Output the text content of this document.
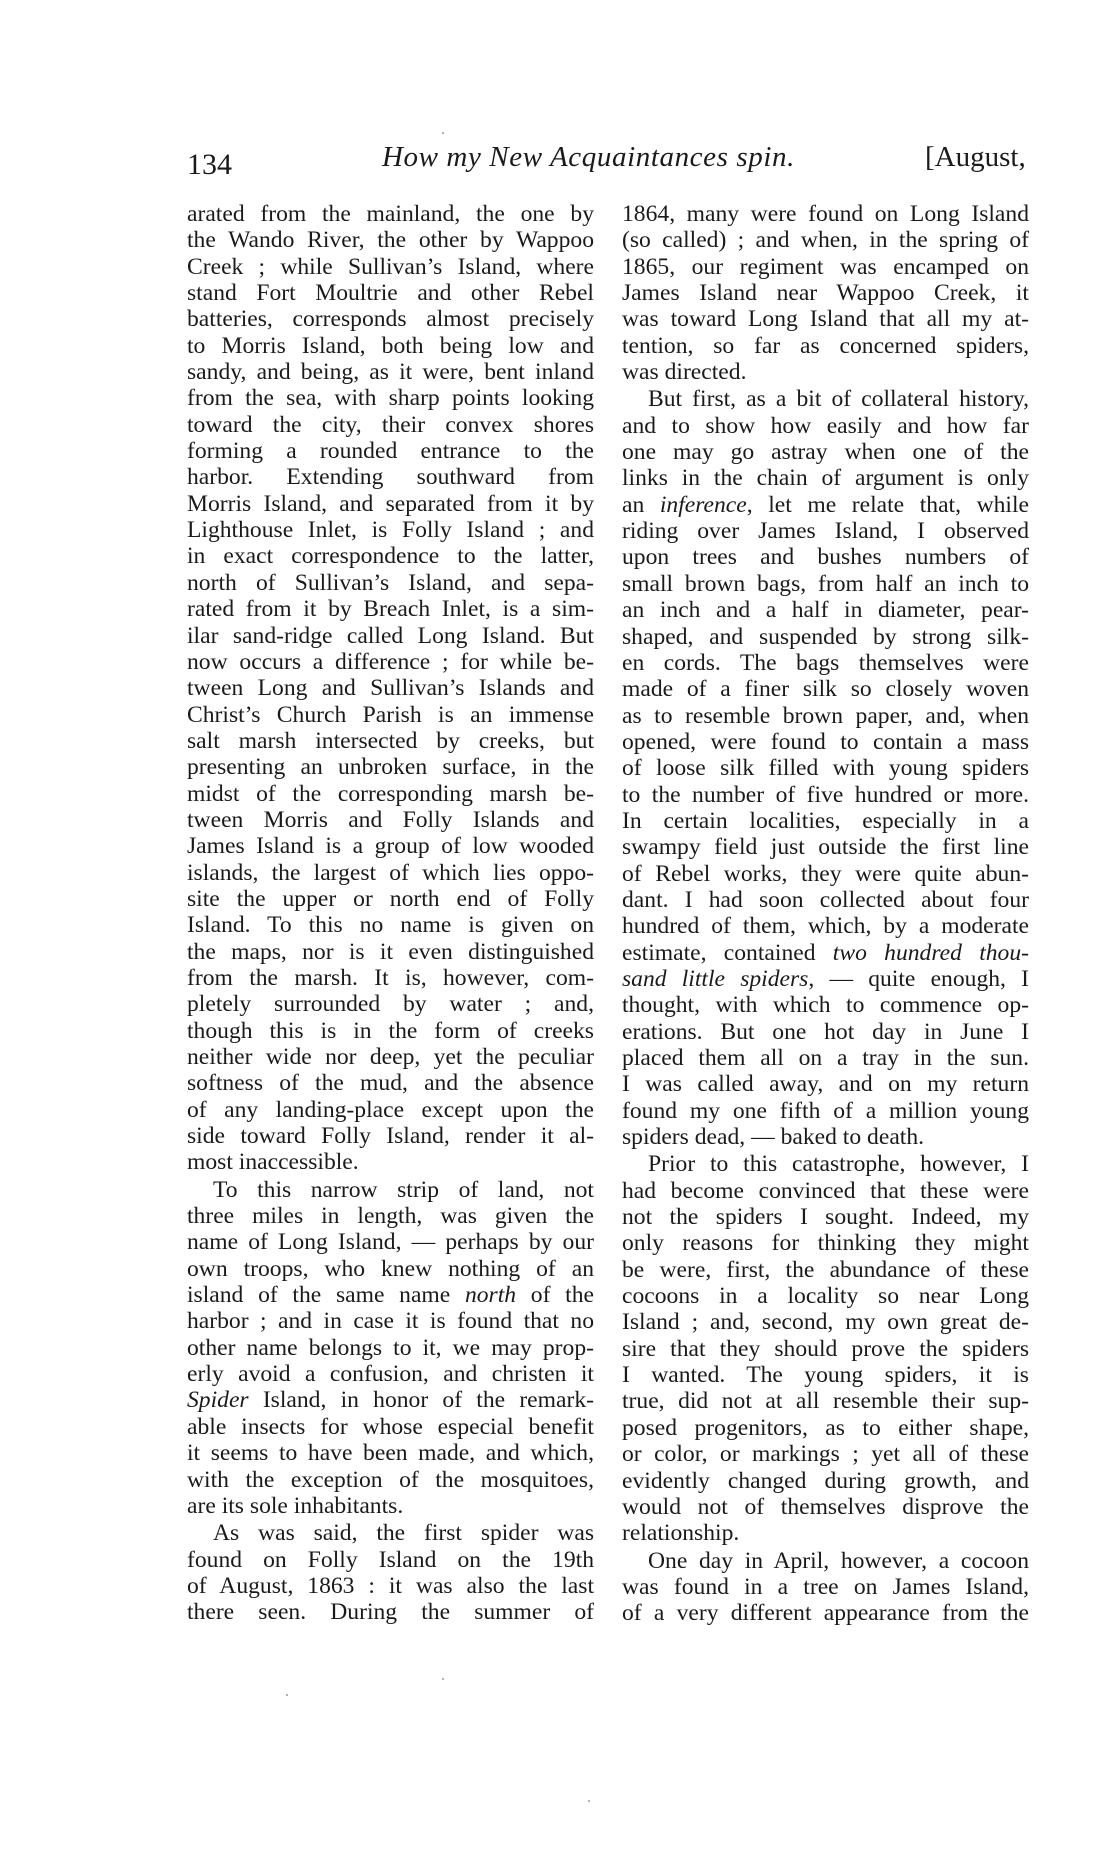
134	How my New Acquaintances spin.	[August,
arated from the mainland, the one by
the Wando River, the other by Wappoo
Creek ; while Sullivan’s Island, where
stand Fort Moultrie and other Rebel
batteries, corresponds almost precisely
to Morris Island, both being low and
sandy, and being, as it were, bent inland
from the sea, with sharp points looking
toward the city, their convex shores
forming a rounded entrance to the
harbor. Extending southward from
Morris Island, and separated from it by
Lighthouse Inlet, is Folly Island ; and
in exact correspondence to the latter,
north of Sullivan’s Island, and sepa-
rated from it by Breach Inlet, is a sim-
ilar sand-ridge called Long Island. But
now occurs a difference ; for while be-
tween Long and Sullivan’s Islands and
Christ’s Church Parish is an immense
salt marsh intersected by creeks, but
presenting an unbroken surface, in the
midst of the corresponding marsh be-
tween Morris and Folly Islands and
James Island is a group of low wooded
islands, the largest of which lies oppo-
site the upper or north end of Folly
Island. To this no name is given on
the maps, nor is it even distinguished
from the marsh. It is, however, com-
pletely surrounded by water ; and,
though this is in the form of creeks
neither wide nor deep, yet the peculiar
softness of the mud, and the absence
of any landing-place except upon the
side toward Folly Island, render it al-
most inaccessible.
To this narrow strip of land, not
three miles in length, was given the
name of Long Island, — perhaps by our
own troops, who knew nothing of an
island of the same name north of the
harbor ; and in case it is found that no
other name belongs to it, we may prop-
erly avoid a confusion, and christen it
Spider Island, in honor of the remark-
able insects for whose especial benefit
it seems to have been made, and which,
with the exception of the mosquitoes,
are its sole inhabitants.
As was said, the first spider was
found on Folly Island on the 19th
of August, 1863 : it was also the last
there seen. During the summer of
1864, many were found on Long Island
(so called) ; and when, in the spring of
1865, our regiment was encamped on
James Island near Wappoo Creek, it
was toward Long Island that all my at-
tention, so far as concerned spiders,
was directed.
But first, as a bit of collateral history,
and to show how easily and how far
one may go astray when one of the
links in the chain of argument is only
an inference, let me relate that, while
riding over James Island, I observed
upon trees and bushes numbers of
small brown bags, from half an inch to
an inch and a half in diameter, pear-
shaped, and suspended by strong silk-
en cords. The bags themselves were
made of a finer silk so closely woven
as to resemble brown paper, and, when
opened, were found to contain a mass
of loose silk filled with young spiders
to the number of five hundred or more.
In certain localities, especially in a
swampy field just outside the first line
of Rebel works, they were quite abun-
dant. I had soon collected about four
hundred of them, which, by a moderate
estimate, contained two hundred thou-
sand little spiders, — quite enough, I
thought, with which to commence op-
erations. But one hot day in June I
placed them all on a tray in the sun.
I was called away, and on my return
found my one fifth of a million young
spiders dead, — baked to death.
Prior to this catastrophe, however, I
had become convinced that these were
not the spiders I sought. Indeed, my
only reasons for thinking they might
be were, first, the abundance of these
cocoons in a locality so near Long
Island ; and, second, my own great de-
sire that they should prove the spiders
I wanted. The young spiders, it is
true, did not at all resemble their sup-
posed progenitors, as to either shape,
or color, or markings ; yet all of these
evidently changed during growth, and
would not of themselves disprove the
relationship.
One day in April, however, a cocoon
was found in a tree on James Island,
of a very different appearance from the
